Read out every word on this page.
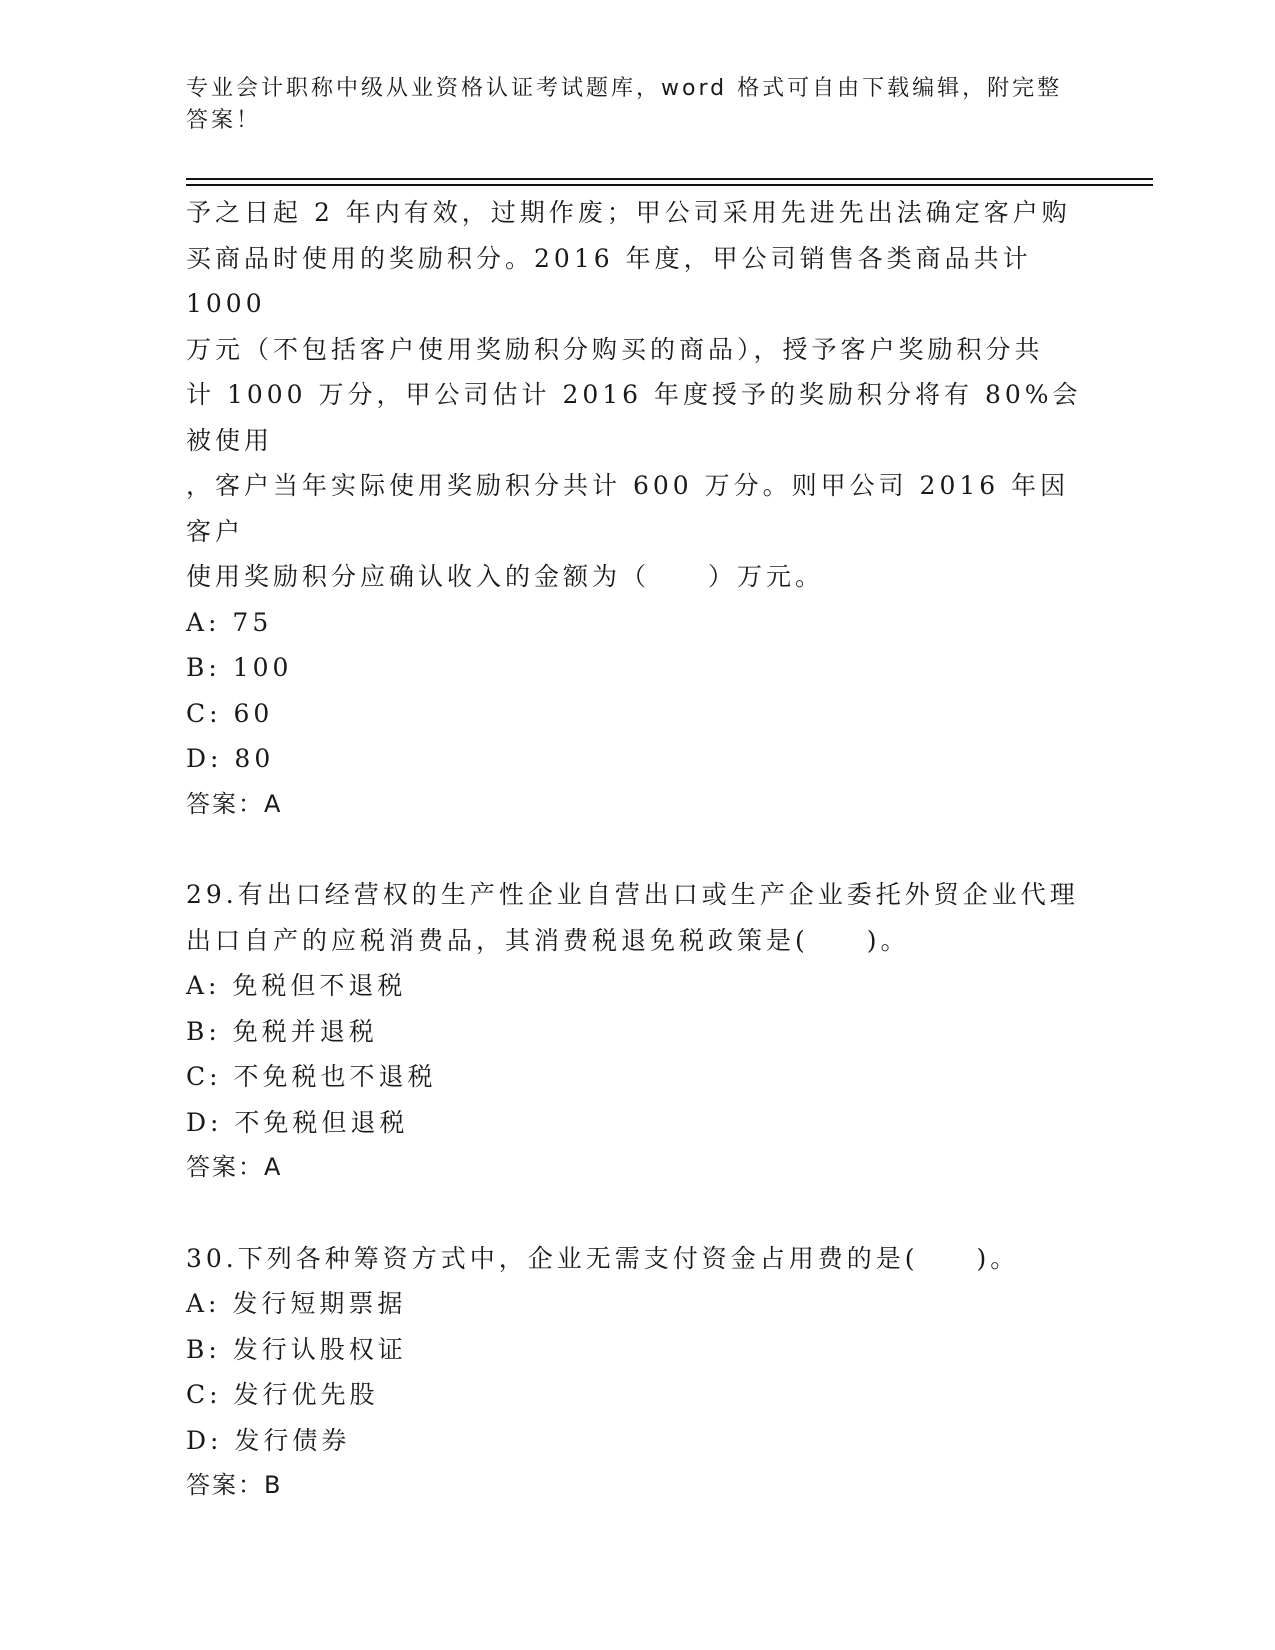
专业会计职称中级从业资格认证考试题库，word 格式可自由下载编辑，附完整答案！

予之日起 2 年内有效，过期作废；甲公司采用先进先出法确定客户购

买商品时使用的奖励积分。2016 年度，甲公司销售各类商品共计 1000

万元（不包括客户使用奖励积分购买的商品），授予客户奖励积分共

计 1000 万分，甲公司估计 2016 年度授予的奖励积分将有 80%会被使用

，客户当年实际使用奖励积分共计 600 万分。则甲公司 2016 年因客户

使用奖励积分应确认收入的金额为（　　）万元。

A: 75

B: 100

C: 60

D: 80

答案：A

29.有出口经营权的生产性企业自营出口或生产企业委托外贸企业代理

出口自产的应税消费品，其消费税退免税政策是(　　)。

A: 免税但不退税

B: 免税并退税

C: 不免税也不退税

D: 不免税但退税

答案：A

30.下列各种筹资方式中，企业无需支付资金占用费的是(　　)。

A: 发行短期票据

B: 发行认股权证

C: 发行优先股

D: 发行债券

答案：B
